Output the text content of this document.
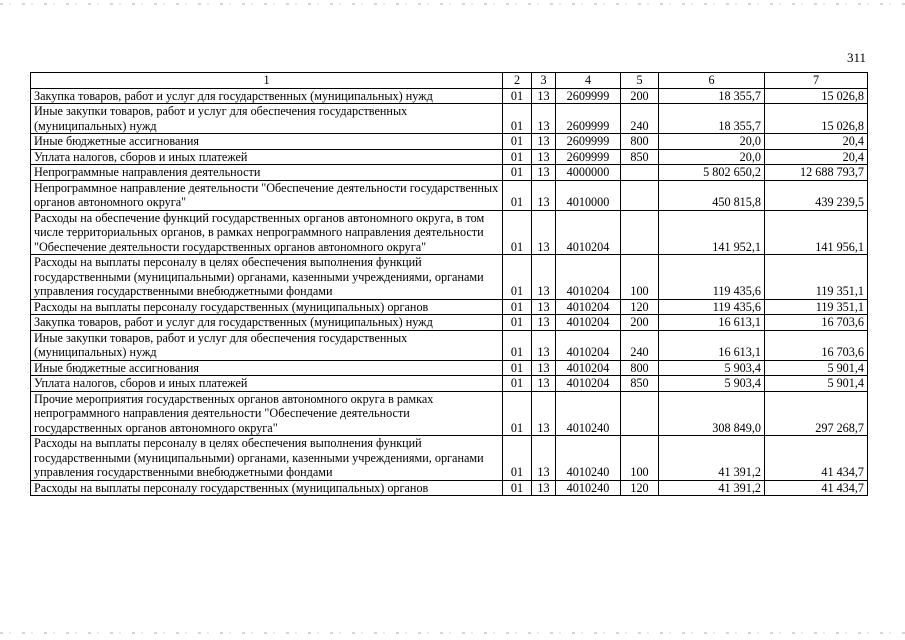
311
1	2	3	4	5	6	7
Закупка товаров, работ и услуг для государственных (муниципальных) нужд	01	13	2609999	200	18 355,7	15 026,8
Иные закупки товаров, работ и услуг для обеспечения государственных (муниципальных) нужд	01	13	2609999	240	18 355,7	15 026,8
Иные бюджетные ассигнования	01	13	2609999	800	20,0	20,4
Уплата налогов, сборов и иных платежей	01	13	2609999	850	20,0	20,4
Непрограммные направления деятельности	01	13	4000000		5 802 650,2	12 688 793,7
Непрограммное направление деятельности "Обеспечение деятельности государственных органов автономного округа"	01	13	4010000		450 815,8	439 239,5
Расходы на обеспечение функций государственных органов автономного округа, в том числе территориальных органов, в рамках непрограммного направления деятельности "Обеспечение деятельности государственных органов автономного округа"	01	13	4010204		141 952,1	141 956,1
Расходы на выплаты персоналу в целях обеспечения выполнения функций государственными (муниципальными) органами, казенными учреждениями, органами управления государственными внебюджетными фондами	01	13	4010204	100	119 435,6	119 351,1
Расходы на выплаты персоналу государственных (муниципальных) органов	01	13	4010204	120	119 435,6	119 351,1
Закупка товаров, работ и услуг для государственных (муниципальных) нужд	01	13	4010204	200	16 613,1	16 703,6
Иные закупки товаров, работ и услуг для обеспечения государственных (муниципальных) нужд	01	13	4010204	240	16 613,1	16 703,6
Иные бюджетные ассигнования	01	13	4010204	800	5 903,4	5 901,4
Уплата налогов, сборов и иных платежей	01	13	4010204	850	5 903,4	5 901,4
Прочие мероприятия государственных органов автономного округа в рамках непрограммного направления деятельности "Обеспечение деятельности государственных органов автономного округа"	01	13	4010240		308 849,0	297 268,7
Расходы на выплаты персоналу в целях обеспечения выполнения функций государственными (муниципальными) органами, казенными учреждениями, органами управления государственными внебюджетными фондами	01	13	4010240	100	41 391,2	41 434,7
Расходы на выплаты персоналу государственных (муниципальных) органов	01	13	4010240	120	41 391,2	41 434,7
